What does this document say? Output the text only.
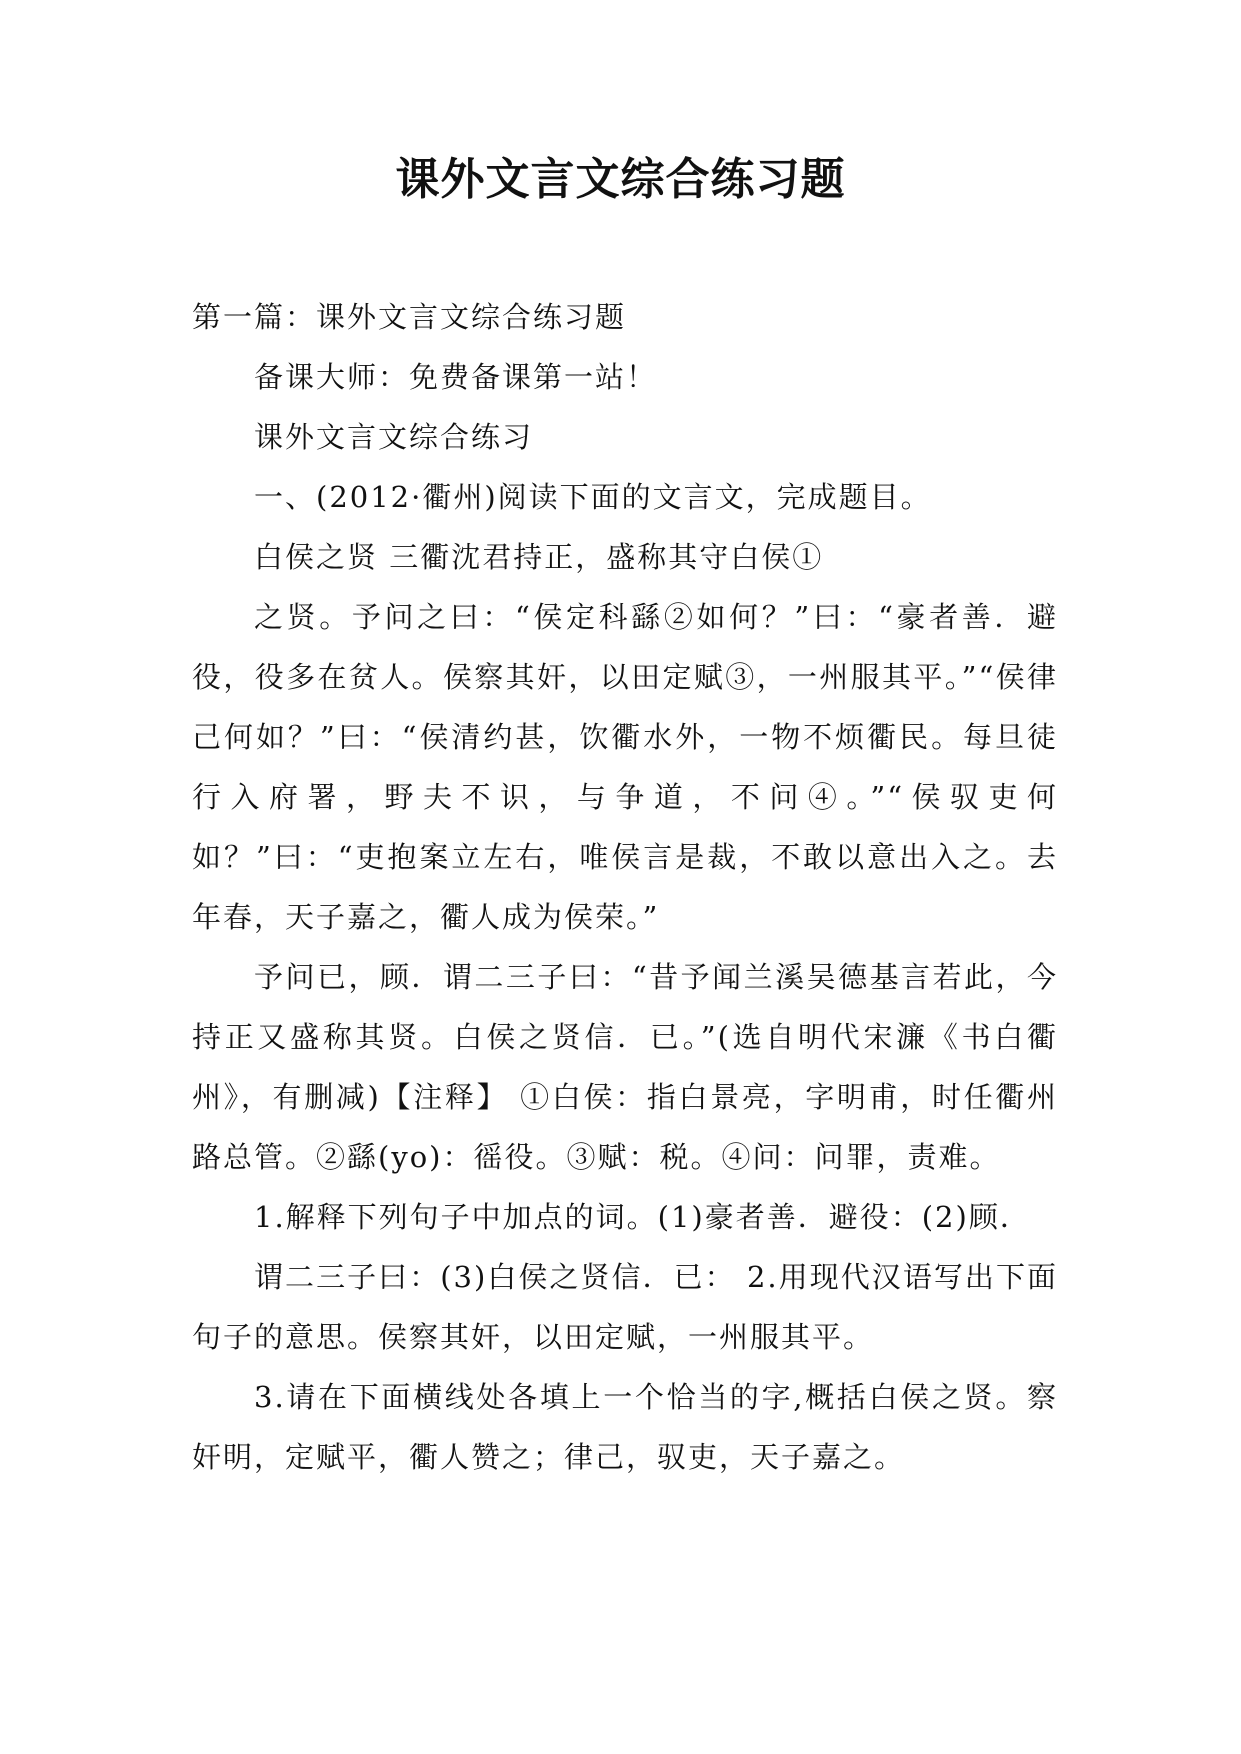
课外文言文综合练习题

第一篇：课外文言文综合练习题

备课大师：免费备课第一站！

课外文言文综合练习

一、(2012·衢州)阅读下面的文言文，完成题目。

白侯之贤 三衢沈君持正，盛称其守白侯①

之贤。予问之曰：“侯定科繇②如何？”曰：“豪者善．避役，役多在贫人。侯察其奸，以田定赋③，一州服其平。”“侯律己何如？”曰：“侯清约甚，饮衢水外，一物不烦衢民。每旦徒行入府署，野夫不识，与争道，不问④。”“侯驭吏何如？”曰：“吏抱案立左右，唯侯言是裁，不敢以意出入之。去年春，天子嘉之，衢人成为侯荣。”

予问已，顾．谓二三子曰：“昔予闻兰溪吴德基言若此，今持正又盛称其贤。白侯之贤信．已。”(选自明代宋濂《书白衢州》，有删减)【注释】 ①白侯：指白景亮，字明甫，时任衢州路总管。②繇(yo)：徭役。③赋：税。④问：问罪，责难。

1.解释下列句子中加点的词。(1)豪者善．避役：(2)顾．

谓二三子曰：(3)白侯之贤信．已： 2.用现代汉语写出下面句子的意思。侯察其奸，以田定赋，一州服其平。

3.请在下面横线处各填上一个恰当的字,概括白侯之贤。察奸明，定赋平，衢人赞之；律己，驭吏，天子嘉之。
